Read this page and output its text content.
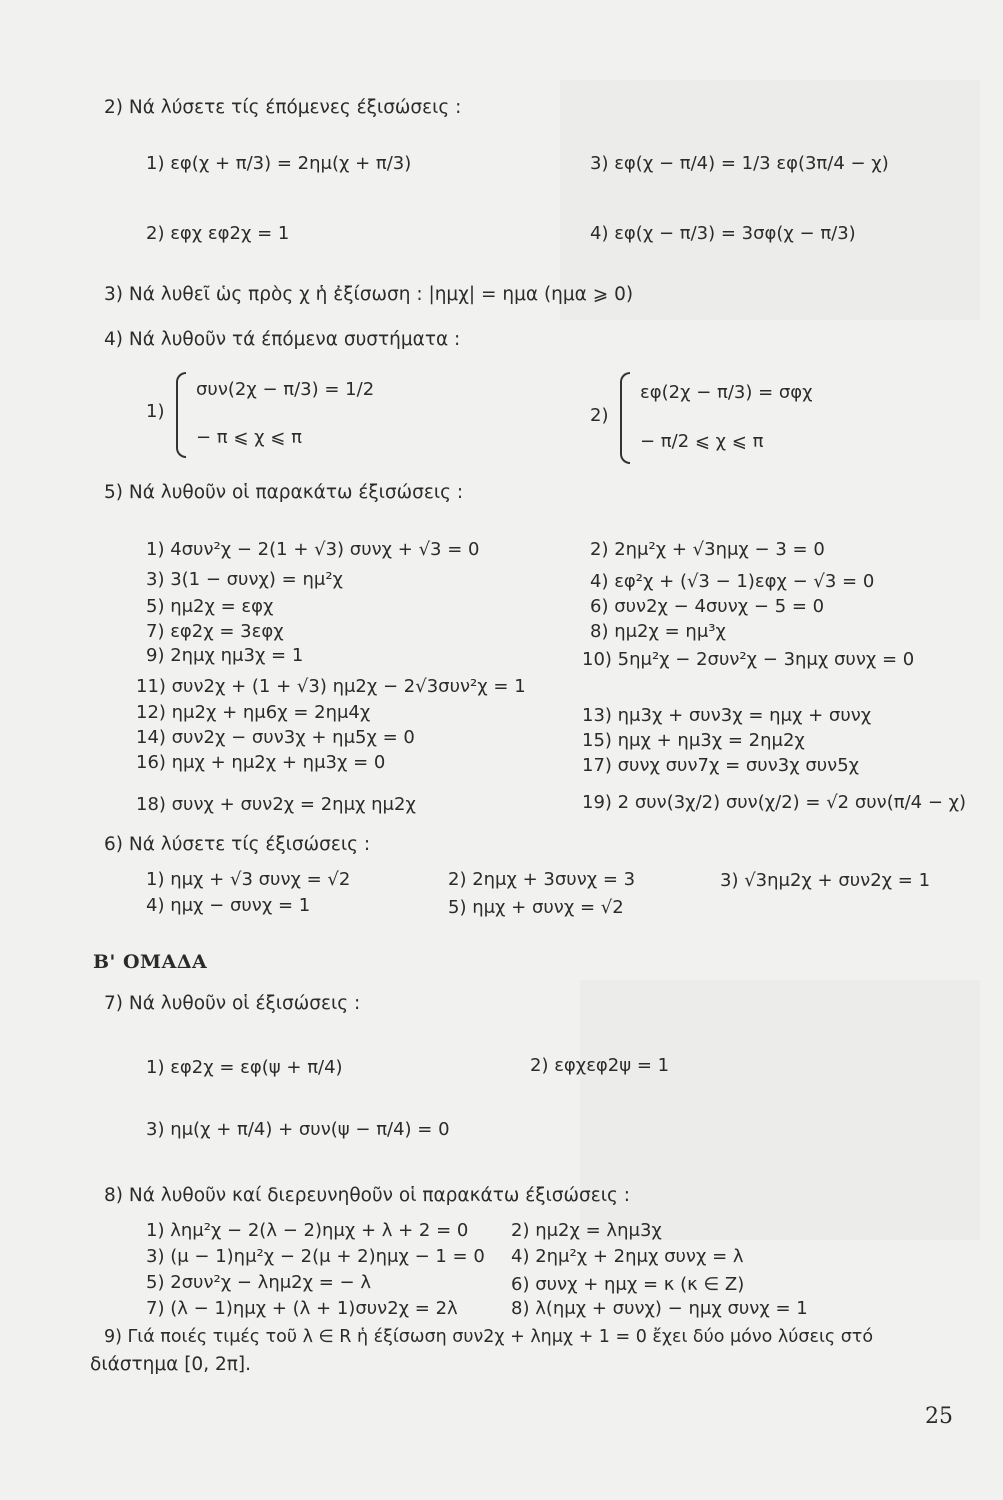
2) Νά λύσετε τίς έπόμενες έξισώσεις :
1) εφ(χ + π/3) = 2ημ(χ + π/3)	3) εφ(χ − π/4) = 1/3 εφ(3π/4 − χ)
2) εφχ εφ2χ = 1	4) εφ(χ − π/3) = 3σφ(χ − π/3)
3) Νά λυθεῖ ὡς πρὸς χ ἡ ἐξίσωση : |ημχ| = ημα (ημα ⩾ 0)
4) Νά λυθοῦν τά έπόμενα συστήματα :
1)
συν(2χ − π/3) = 1/2
− π ⩽ χ ⩽ π
2)
εφ(2χ − π/3) = σφχ
− π/2 ⩽ χ ⩽ π
5) Νά λυθοῦν οἱ παρακάτω έξισώσεις :
1) 4συν²χ − 2(1 + √3) συνχ + √3 = 0	2) 2ημ²χ + √3ημχ − 3 = 0
3) 3(1 − συνχ) = ημ²χ	4) εφ²χ + (√3 − 1)εφχ − √3 = 0
5) ημ2χ = εφχ	6) συν2χ − 4συνχ − 5 = 0
7) εφ2χ = 3εφχ	8) ημ2χ = ημ³χ
9) 2ημχ ημ3χ = 1	10) 5ημ²χ − 2συν²χ − 3ημχ συνχ = 0
11) συν2χ + (1 + √3) ημ2χ − 2√3συν²χ = 1
12) ημ2χ + ημ6χ = 2ημ4χ	13) ημ3χ + συν3χ = ημχ + συνχ
14) συν2χ − συν3χ + ημ5χ = 0	15) ημχ + ημ3χ = 2ημ2χ
16) ημχ + ημ2χ + ημ3χ = 0	17) συνχ συν7χ = συν3χ συν5χ
18) συνχ + συν2χ = 2ημχ ημ2χ	19) 2 συν(3χ/2) συν(χ/2) = √2 συν(π/4 − χ)
6) Νά λύσετε τίς έξισώσεις :
1) ημχ + √3 συνχ = √2	2) 2ημχ + 3συνχ = 3	3) √3ημ2χ + συν2χ = 1
4) ημχ − συνχ = 1	5) ημχ + συνχ = √2
Β' ΟΜΑΔΑ
7) Νά λυθοῦν οἱ έξισώσεις :
1) εφ2χ = εφ(ψ + π/4)	2) εφχεφ2ψ = 1
3) ημ(χ + π/4) + συν(ψ − π/4) = 0
8) Νά λυθοῦν καί διερευνηθοῦν οἱ παρακάτω έξισώσεις :
1) λημ²χ − 2(λ − 2)ημχ + λ + 2 = 0 2) ημ2χ = λημ3χ
3) (μ − 1)ημ²χ − 2(μ + 2)ημχ − 1 = 0 4) 2ημ²χ + 2ημχ συνχ = λ
5) 2συν²χ − λημ2χ = − λ	6) συνχ + ημχ = κ (κ ∈ Z)
7) (λ − 1)ημχ + (λ + 1)συν2χ = 2λ	8) λ(ημχ + συνχ) − ημχ συνχ = 1
9) Γιά ποιές τιμές τοῦ λ ∈ R ἡ έξίσωση συν2χ + λημχ + 1 = 0 ἔχει δύο μόνο λύσεις στό
διάστημα [0, 2π].
25
